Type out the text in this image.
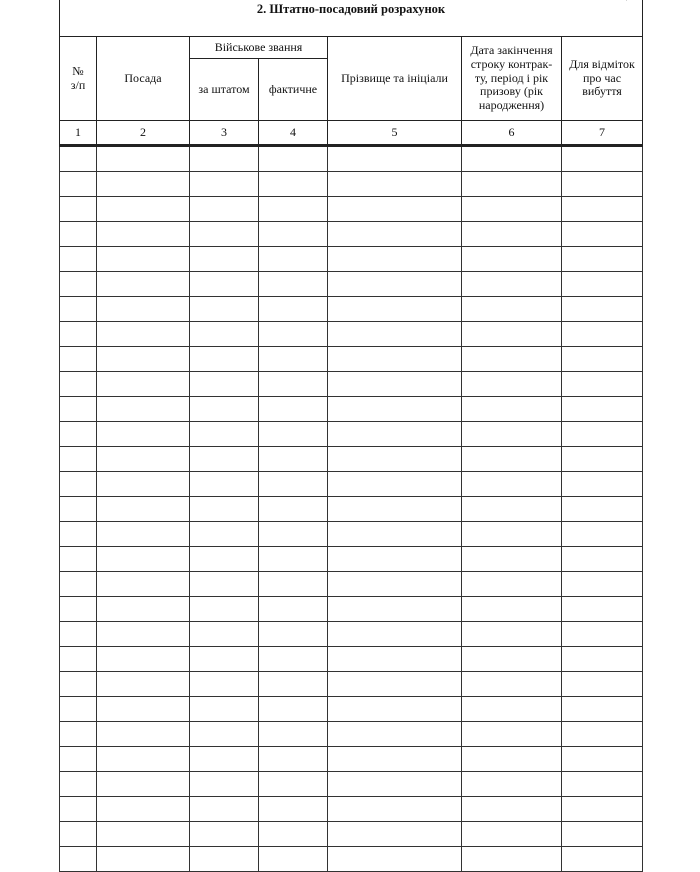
2. Штатно-посадовий розрахунок
№
з/п	Посада	Військове звання		Прізвище та ініціали	Дата закінчення строку контрак-ту, період і рік призову (рік народження)	Для відміток про час вибуття

		за штатом	фактичне			
1	2	3	4	5	6	7
